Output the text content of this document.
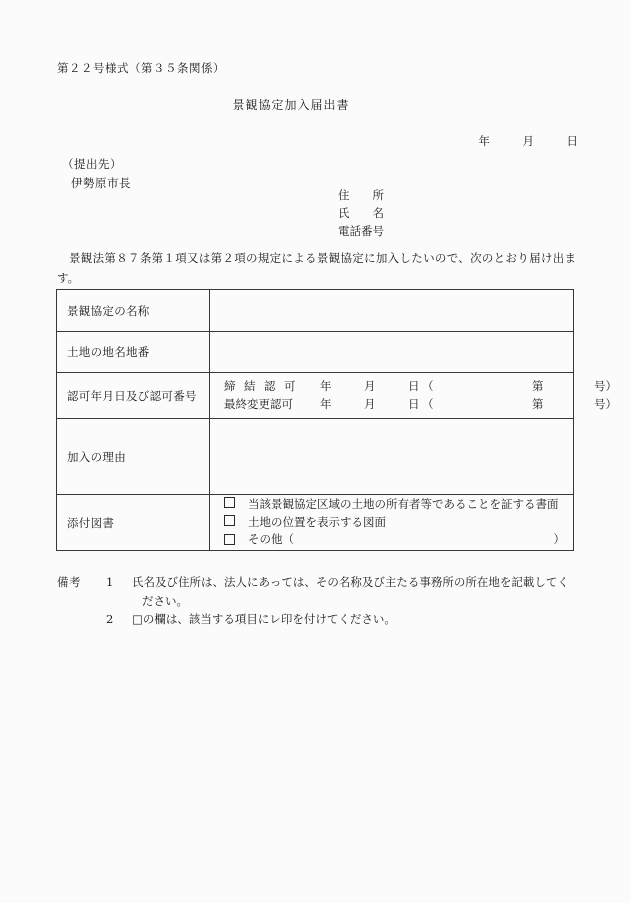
第２２号様式（第３５条関係）
景観協定加入届出書
年	月	日
（提出先）
伊勢原市長
住　　所
氏　　名
電話番号
景観法第８７条第１項又は第２項の規定による景観協定に加入したいので、次のとおり届け出ます。
景観協定の名称	
土地の地名地番	
認可年月日及び認可番号	締結認可 年 月 日 （ 第 号）
最終変更認可 年 月 日 （ 第 号）

加入の理由	
添付図書	当該景観協定区域の土地の所有者等であることを証する書面
土地の位置を表示する図面
その他 （ ）
備考	1	氏名及び住所は、法人にあっては、その名称及び主たる事務所の所在地を記載してく
ださい。
2	□の欄は、該当する項目にレ印を付けてください。
